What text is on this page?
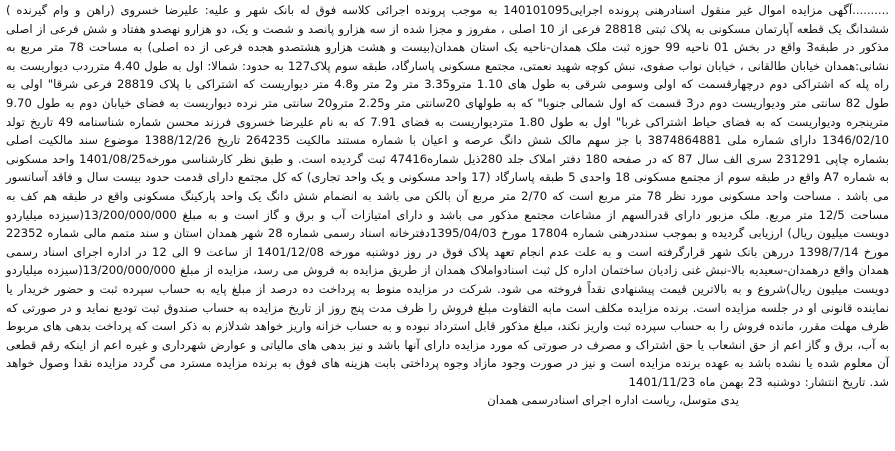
..........آگهی مزایده اموال غیر منقول اسنادرهنی پرونده اجرایی140101095 به موجب پرونده اجرائی کلاسه فوق له بانک شهر و علیه: علیرضا خسروی (راهن و وام گیرنده ) ششدانگ یک قطعه آپارتمان مسکونی به پلاک ثبتی 28818 فرعی از 10 اصلی ، مفروز و مجزا شده از سه هزارو پانصد و شصت و یک، دو هزارو نهصدو هفتاد و شش فرعی از اصلی مذکور در طبقه3 واقع در بخش 01 ناحیه 99 حوزه ثبت ملک همدان-ناحیه یک استان همدان(بیست و هشت هزارو هشتصدو هجده فرعی از ده اصلی) به مساحت 78 متر مربع به نشانی:همدان خیابان طالقانی ، خیابان نواب صفوی، نبش کوچه شهید نعمتی، مجتمع مسکونی پاسارگاد، طبقه سوم پلاک127 به حدود: شمالا: اول به طول 4.40 مترردب دیواریست به راه پله که اشتراکی دوم درچهارقسمت که اولی وسومی شرقی به طول های 1.10 مترو3.35 متر و2 متر و4.8 متر دیواریست که اشتراکی با پلاک 28819 فرعی شرقا" اولی به طول 82 سانتی متر ودیواریست دوم در3 قسمت که اول شمالی جنوبا" که به طولهای 20سانتی متر و2.25 مترو20 سانتی متر نرده دیواریست به فضای خیابان دوم به طول 9.70 مترینجره ودیواریست که به فضای حیاط اشتراکی غربا" اول به طول 1.80 متردیواریست به فضای 7.91 که به نام علیرضا خسروی فرزند محسن شماره شناسنامه 49 تاریخ تولد 1346/02/10 دارای شماره ملی 3874864881 با جز سهم مالک شش دانگ عرصه و اعیان با شماره مستند مالکیت 264235 تاریخ 1388/12/26 موضوع سند مالکیت اصلی بشماره چاپی 231291 سری الف سال 87 که در صفحه 180 دفتر املاک جلد 280ذیل شماره47416 ثبت گردیده است. و طبق نظر کارشناسی مورخه1401/08/25 واحد مسکونی به شماره A7 واقع در طبقه سوم از مجتمع مسکونی 18 واحدی 5 طبقه پاسارگاد (17 واحد مسکونی و یک واحد تجاری) که کل مجتمع دارای قدمت حدود بیست سال و فاقد آسانسور می باشد . مساحت واحد مسکونی مورد نظر 78 متر مربع است که 2/70 متر مربع آن بالکن می باشد به انضمام شش دانگ یک واحد پارکینگ مسکونی واقع در طبقه هم کف به مساحت 12/5 متر مربع. ملک مزبور دارای قدرالسهم از مشاعات مجتمع مذکور می باشد و دارای امتیازات آب و برق و گاز است و به مبلغ 13/200/000/000(سیزده میلیاردو دویست میلیون ریال) ارزیابی گردیده و بموجب سنددرهنی شماره 17804 مورخ 1395/04/03دفترخانه اسناد رسمی شماره 28 شهر همدان استان و سند متمم مالی شماره 22352 مورخ 1398/7/14 دررهن بانک شهر قرارگرفته است و به علت عدم انجام تعهد پلاک فوق در روز دوشنبه مورخه 1401/12/08 از ساعت 9 الی 12 در اداره اجرای اسناد رسمی همدان واقع درهمدان-سعیدیه بالا-نبش غنی زادیان ساختمان اداره کل ثبت اسنادواملاک همدان از طریق مزایده به فروش می رسد، مزایده از مبلغ 13/200/000/000(سیزده میلیاردو دویست میلیون ریال)شروع و به بالاترین قیمت پیشنهادی نقداً فروخته می شود. شرکت در مزایده منوط به پرداخت ده درصد از مبلغ پایه به حساب سپرده ثبت و حضور خریدار یا نماینده قانونی او در جلسه مزایده است. برنده مزایده مکلف است مابه التفاوت مبلغ فروش را ظرف مدت پنج روز از تاریخ مزایده به حساب صندوق ثبت تودیع نماید و در صورتی که ظرف مهلت مقرر، مانده فروش را به حساب سپرده ثبت واریز نکند، مبلغ مذکور قابل استرداد نبوده و به حساب خزانه واریز خواهد شدلازم به ذکر است که پرداخت بدهی های مربوط به آب، برق و گاز اعم از حق انشعاب یا حق اشتراک و مصرف در صورتی که مورد مزایده دارای آنها باشد و نیز بدهی های مالیاتی و عوارض شهرداری و غیره اعم از اینکه رقم قطعی آن معلوم شده یا نشده باشد به عهده برنده مزایده است و نیز در صورت وجود مازاد وجوه پرداختی بابت هزینه های فوق به برنده مزایده مسترد می گردد مزایده نقدا وصول خواهد شد. تاریخ انتشار: دوشنبه 23 بهمن ماه 1401/11/23

یدی متوسل، ریاست اداره اجرای اسنادرسمی همدان
